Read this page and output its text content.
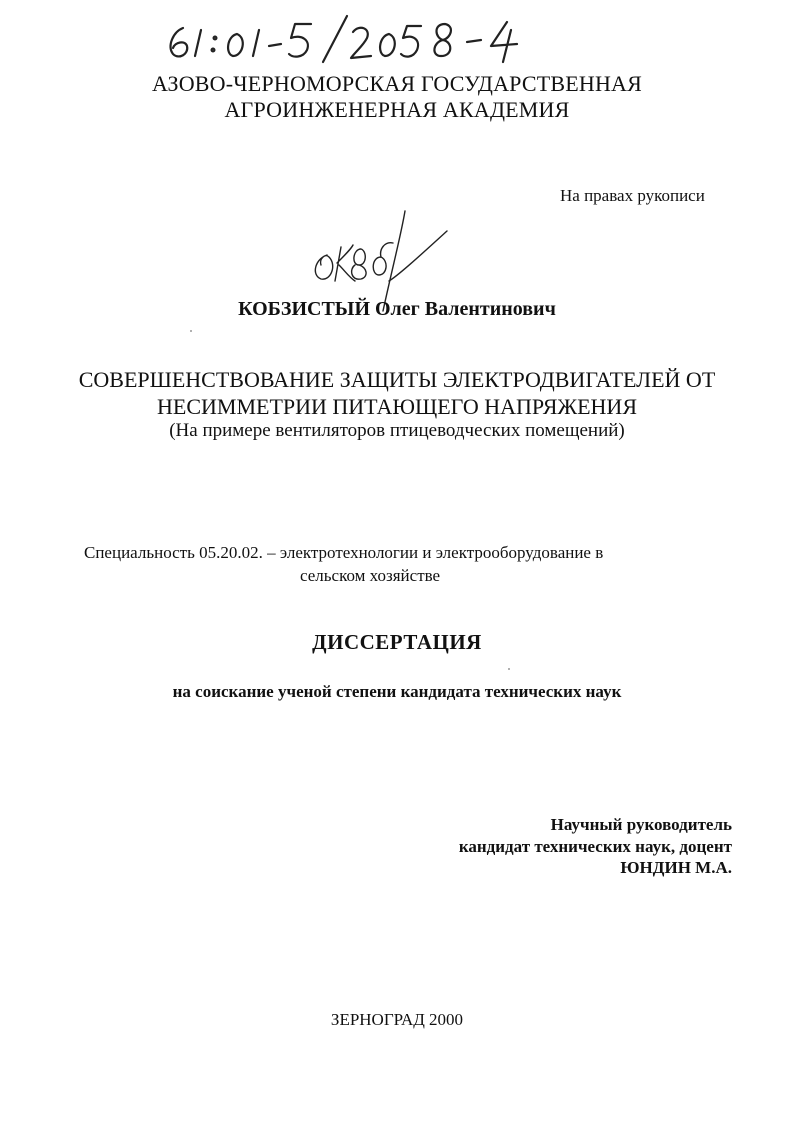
АЗОВО-ЧЕРНОМОРСКАЯ ГОСУДАРСТВЕННАЯ
АГРОИНЖЕНЕРНАЯ АКАДЕМИЯ
На правах рукописи
КОБЗИСТЫЙ Олег Валентинович
СОВЕРШЕНСТВОВАНИЕ ЗАЩИТЫ ЭЛЕКТРОДВИГАТЕЛЕЙ ОТ
НЕСИММЕТРИИ ПИТАЮЩЕГО НАПРЯЖЕНИЯ
(На примере вентиляторов птицеводческих помещений)
Специальность 05.20.02. – электротехнологии и электрооборудование в
сельском хозяйстве
ДИССЕРТАЦИЯ
на соискание ученой степени кандидата технических наук
Научный руководитель
кандидат технических наук, доцент
ЮНДИН М.А.
ЗЕРНОГРАД 2000
